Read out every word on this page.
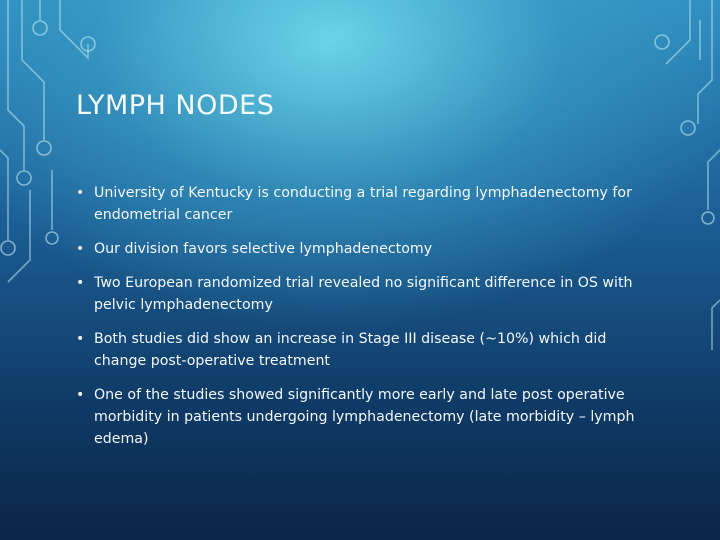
LYMPH NODES
• University of Kentucky is conducting a trial regarding lymphadenectomy for endometrial cancer
• Our division favors selective lymphadenectomy
• Two European randomized trial revealed no significant difference in OS with pelvic lymphadenectomy
• Both studies did show an increase in Stage III disease (~10%) which did change post-operative treatment
• One of the studies showed significantly more early and late post operative morbidity in patients undergoing lymphadenectomy (late morbidity – lymph edema)
